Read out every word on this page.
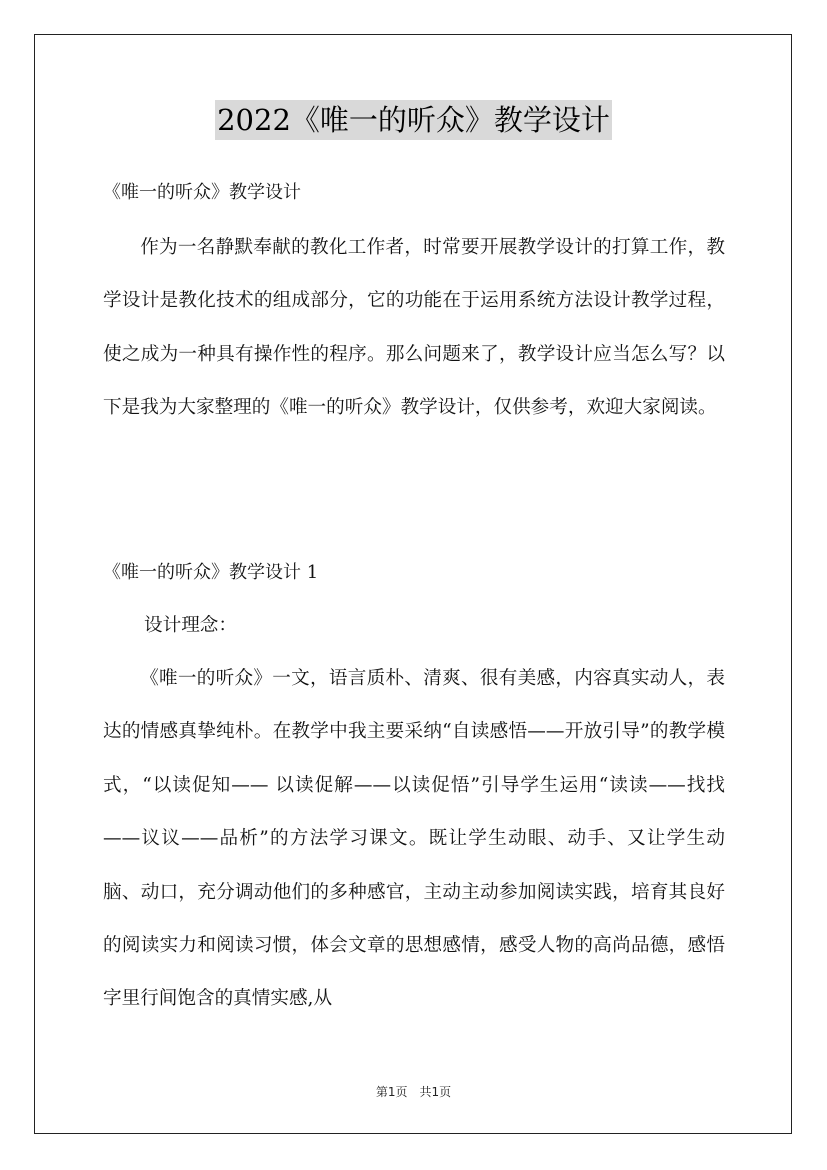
2022《唯一的听众》教学设计
《唯一的听众》教学设计
作为一名静默奉献的教化工作者，时常要开展教学设计的打算工作，教学设计是教化技术的组成部分，它的功能在于运用系统方法设计教学过程，使之成为一种具有操作性的程序。那么问题来了，教学设计应当怎么写？以下是我为大家整理的《唯一的听众》教学设计，仅供参考，欢迎大家阅读。
《唯一的听众》教学设计 1
设计理念：
《唯一的听众》一文，语言质朴、清爽、很有美感，内容真实动人，表达的情感真挚纯朴。在教学中我主要采纳“自读感悟——开放引导”的教学模式，“以读促知—— 以读促解——以读促悟”引导学生运用“读读——找找——议议——品析”的方法学习课文。既让学生动眼、动手、又让学生动脑、动口，充分调动他们的多种感官，主动主动参加阅读实践，培育其良好的阅读实力和阅读习惯，体会文章的思想感情，感受人物的高尚品德，感悟字里行间饱含的真情实感,从
第1页　共1页
